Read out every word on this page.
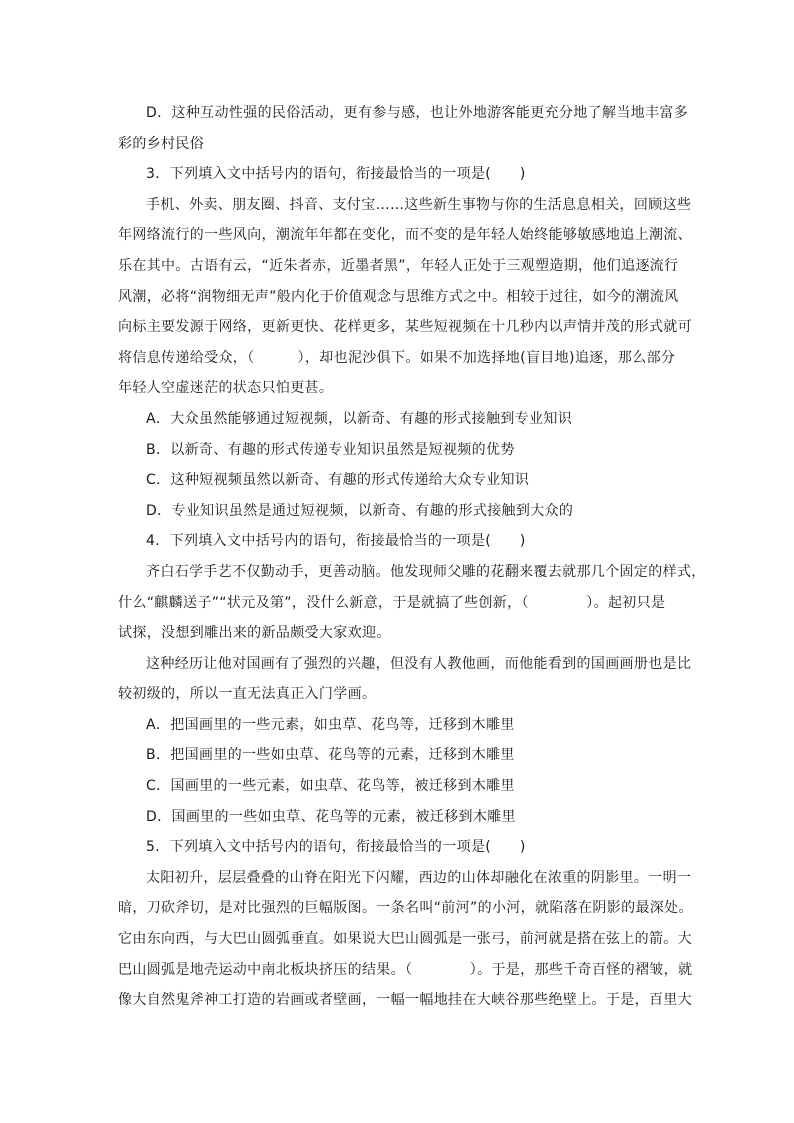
D．这种互动性强的民俗活动，更有参与感，也让外地游客能更充分地了解当地丰富多
彩的乡村民俗
3．下列填入文中括号内的语句，衔接最恰当的一项是(　　)
手机、外卖、朋友圈、抖音、支付宝……这些新生事物与你的生活息息相关，回顾这些
年网络流行的一些风向，潮流年年都在变化，而不变的是年轻人始终能够敏感地追上潮流、
乐在其中。古语有云，“近朱者赤，近墨者黑”，年轻人正处于三观塑造期，他们追逐流行
风潮，必将“润物细无声”般内化于价值观念与思维方式之中。相较于过往，如今的潮流风
向标主要发源于网络，更新更快、花样更多，某些短视频在十几秒内以声情并茂的形式就可
将信息传递给受众，（　　　），却也泥沙俱下。如果不加选择地(盲目地)追逐，那么部分
年轻人空虚迷茫的状态只怕更甚。
A．大众虽然能够通过短视频，以新奇、有趣的形式接触到专业知识
B．以新奇、有趣的形式传递专业知识虽然是短视频的优势
C．这种短视频虽然以新奇、有趣的形式传递给大众专业知识
D．专业知识虽然是通过短视频，以新奇、有趣的形式接触到大众的
4．下列填入文中括号内的语句，衔接最恰当的一项是(　　)
齐白石学手艺不仅勤动手，更善动脑。他发现师父雕的花翻来覆去就那几个固定的样式，
什么“麒麟送子”“状元及第”，没什么新意，于是就搞了些创新，（　　　　）。起初只是
试探，没想到雕出来的新品颇受大家欢迎。
这种经历让他对国画有了强烈的兴趣，但没有人教他画，而他能看到的国画画册也是比
较初级的，所以一直无法真正入门学画。
A．把国画里的一些元素，如虫草、花鸟等，迁移到木雕里
B．把国画里的一些如虫草、花鸟等的元素，迁移到木雕里
C．国画里的一些元素，如虫草、花鸟等，被迁移到木雕里
D．国画里的一些如虫草、花鸟等的元素，被迁移到木雕里
5．下列填入文中括号内的语句，衔接最恰当的一项是(　　)
太阳初升，层层叠叠的山脊在阳光下闪耀，西边的山体却融化在浓重的阴影里。一明一
暗，刀砍斧切，是对比强烈的巨幅版图。一条名叫“前河”的小河，就陷落在阴影的最深处。
它由东向西，与大巴山圆弧垂直。如果说大巴山圆弧是一张弓，前河就是搭在弦上的箭。大
巴山圆弧是地壳运动中南北板块挤压的结果。（　　　　）。于是，那些千奇百怪的褶皱，就
像大自然鬼斧神工打造的岩画或者壁画，一幅一幅地挂在大峡谷那些绝壁上。于是，百里大
